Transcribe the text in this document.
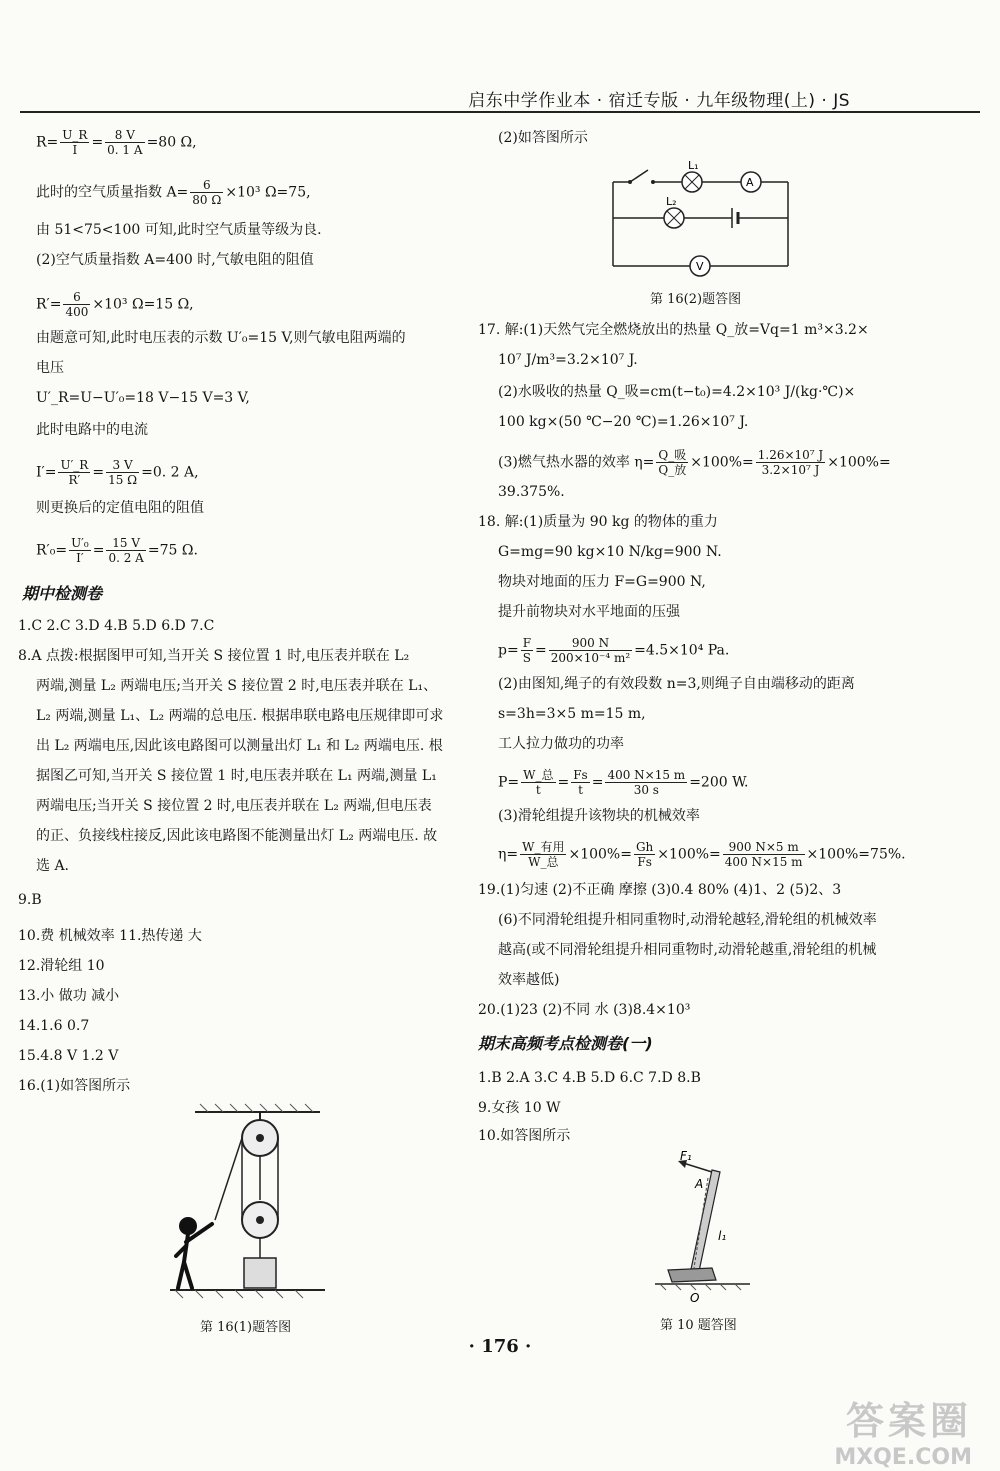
启东中学作业本 · 宿迁专版 · 九年级物理(上) · JS
$R= \frac{U\_R}{I} = \frac{8 V}{0. 1 A} =80$ Ω,
此时的空气质量指数 $A= \frac{6}{80 \Omega} \times 10^3$ Ω=75,
由 51<75<100 可知,此时空气质量等级为良.
(2)空气质量指数 A=400 时,气敏电阻的阻值
$R'= \frac{6}{400} \times 10^3$ Ω=15 Ω,
由题意可知,此时电压表的示数 U′₀=15 V,则气敏电阻两端的
电压
U′_R=U−U′₀=18 V−15 V=3 V,
此时电路中的电流
$I'= \frac{U'\_R}{R'} = \frac{3 V}{15 \Omega} =0$. 2 A,
则更换后的定值电阻的阻值
$R'_0= \frac{\text{U′₀}}{I'} = \frac{15 V}{0. 2 A} =75$ Ω.
期中检测卷
1.C 2.C 3.D 4.B 5.D 6.D 7.C
8.A 点拨:根据图甲可知,当开关 S 接位置 1 时,电压表并联在 L₂
两端,测量 L₂ 两端电压;当开关 S 接位置 2 时,电压表并联在 L₁、
L₂ 两端,测量 L₁、L₂ 两端的总电压. 根据串联电路电压规律即可求
出 L₂ 两端电压,因此该电路图可以测量出灯 L₁ 和 L₂ 两端电压. 根
据图乙可知,当开关 S 接位置 1 时,电压表并联在 L₁ 两端,测量 L₁
两端电压;当开关 S 接位置 2 时,电压表并联在 L₂ 两端,但电压表
的正、负接线柱接反,因此该电路图不能测量出灯 L₂ 两端电压. 故
选 A.
9.B
10.费 机械效率 11.热传递 大
12.滑轮组 10
13.小 做功 减小
14.1.6 0.7
15.4.8 V 1.2 V
16.(1)如答图所示
第 16(1)题答图
(2)如答图所示
L₁
A
L₂
V
第 16(2)题答图
17. 解:(1)天然气完全燃烧放出的热量 Q_放=Vq=1 m³×3.2×
10⁷ J/m³=3.2×10⁷ J.
(2)水吸收的热量 Q_吸=cm(t−t₀)=4.2×10³ J/(kg·℃)×
100 kg×(50 ℃−20 ℃)=1.26×10⁷ J.
(3)燃气热水器的效率 $\eta= \frac{\text{Q\_吸}}{\text{Q\_放}} \times 100\%= \frac{\text{1.26×10⁷ J}}{\text{3.2×10⁷ J}} \times 100\%=$
39.375%.
18. 解:(1)质量为 90 kg 的物体的重力
G=mg=90 kg×10 N/kg=900 N.
物块对地面的压力 F=G=900 N,
提升前物块对水平地面的压强
$p= \frac{F}{S} = \frac{900 N}{\text{200×10⁻⁴ m²}} =4.5\times 10^4$ Pa.
(2)由图知,绳子的有效段数 n=3,则绳子自由端移动的距离
s=3h=3×5 m=15 m,
工人拉力做功的功率
$P= \frac{\text{W\_总}}{t} = \frac{Fs}{t} = \frac{400 N\times 15 m}{30 s} =200$ W.
(3)滑轮组提升该物块的机械效率
$\eta= \frac{\text{W\_有用}}{\text{W\_总}} \times 100\%= \frac{Gh}{Fs} \times 100\%= \frac{900 N\times 5 m}{400 N\times 15 m} \times 100\%=75\%$.
19.(1)匀速 (2)不正确 摩擦 (3)0.4 80% (4)1、2 (5)2、3
(6)不同滑轮组提升相同重物时,动滑轮越轻,滑轮组的机械效率
越高(或不同滑轮组提升相同重物时,动滑轮越重,滑轮组的机械
效率越低)
20.(1)23 (2)不同 水 (3)8.4×10³
期末高频考点检测卷(一)
1.B 2.A 3.C 4.B 5.D 6.C 7.D 8.B
9.女孩 10 W
10.如答图所示
F₁
A
l₁
O
第 10 题答图
· 176 ·
答案圈
MXQE.COM
